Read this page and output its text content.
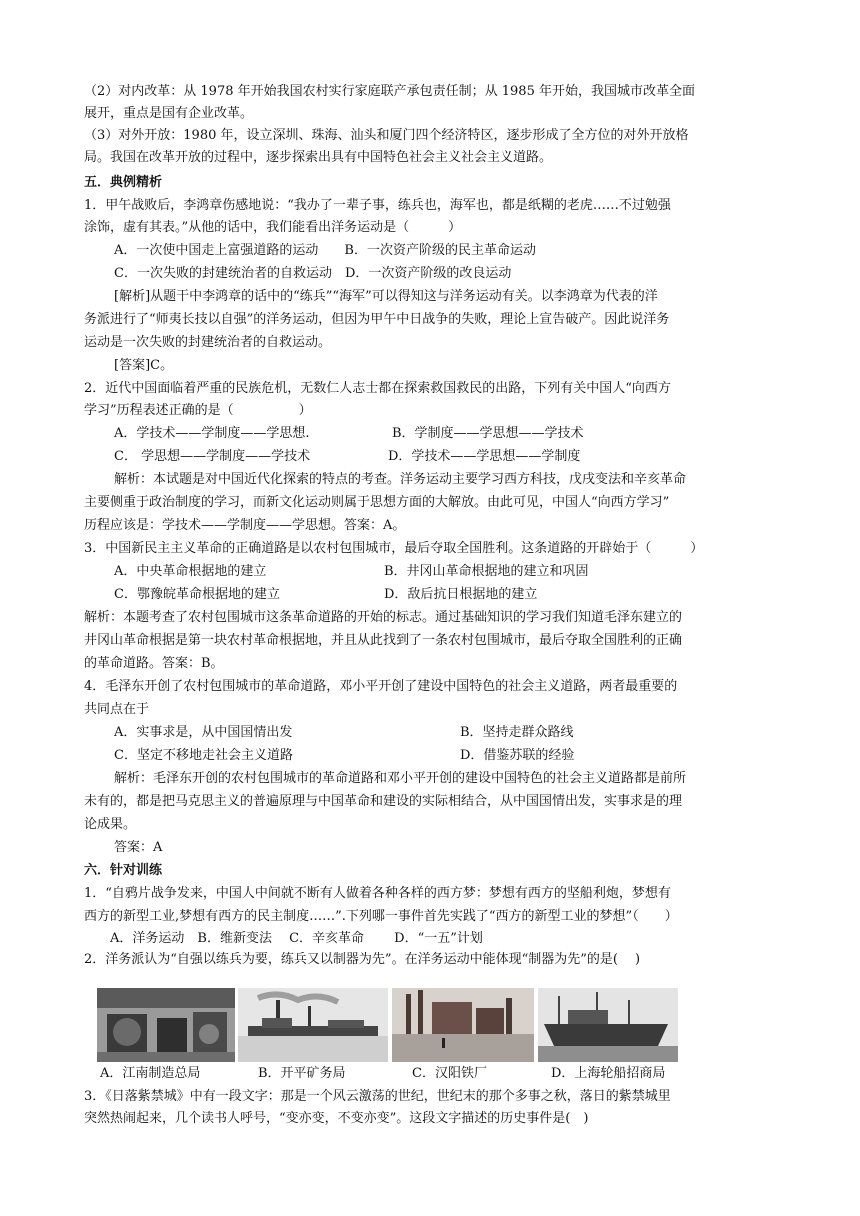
（2）对内改革：从 1978 年开始我国农村实行家庭联产承包责任制；从 1985 年开始，我国城市改革全面
展开，重点是国有企业改革。
（3）对外开放：1980 年，设立深圳、珠海、汕头和厦门四个经济特区，逐步形成了全方位的对外开放格
局。我国在改革开放的过程中，逐步探索出具有中国特色社会主义社会主义道路。
五．典例精析
1．甲午战败后，李鸿章伤感地说：“我办了一辈子事，练兵也，海军也，都是纸糊的老虎……不过勉强
涂饰，虚有其表。”从他的话中，我们能看出洋务运动是（　　　）
A．一次使中国走上富强道路的运动　　B．一次资产阶级的民主革命运动
C．一次失败的封建统治者的自救运动　D．一次资产阶级的改良运动
[解析]从题干中李鸿章的话中的“练兵”“海军”可以得知这与洋务运动有关。以李鸿章为代表的洋
务派进行了“师夷长技以自强”的洋务运动，但因为甲午中日战争的失败，理论上宣告破产。因此说洋务
运动是一次失败的封建统治者的自救运动。
[答案]C。
2．近代中国面临着严重的民族危机，无数仁人志士都在探索救国救民的出路，下列有关中国人“向西方
学习”历程表述正确的是（　　　　　）
A．学技术——学制度——学思想.	B．学制度——学思想——学技术
C． 学思想——学制度——学技术	D．学技术——学思想——学制度
解析：本试题是对中国近代化探索的特点的考查。洋务运动主要学习西方科技，戊戌变法和辛亥革命
主要侧重于政治制度的学习，而新文化运动则属于思想方面的大解放。由此可见，中国人“向西方学习”
历程应该是：学技术——学制度——学思想。答案：A。
3．中国新民主主义革命的正确道路是以农村包围城市，最后夺取全国胜利。这条道路的开辟始于（　　　）
A．中央革命根据地的建立	B．井冈山革命根据地的建立和巩固
C．鄂豫皖革命根据地的建立	D．敌后抗日根据地的建立
解析：本题考查了农村包围城市这条革命道路的开始的标志。通过基础知识的学习我们知道毛泽东建立的
井冈山革命根据是第一块农村革命根据地，并且从此找到了一条农村包围城市，最后夺取全国胜利的正确
的革命道路。答案：B。
4．毛泽东开创了农村包围城市的革命道路，邓小平开创了建设中国特色的社会主义道路，两者最重要的
共同点在于
A．实事求是，从中国国情出发	B．坚持走群众路线
C．坚定不移地走社会主义道路	D．借鉴苏联的经验
解析：毛泽东开创的农村包围城市的革命道路和邓小平开创的建设中国特色的社会主义道路都是前所
未有的，都是把马克思主义的普遍原理与中国革命和建设的实际相结合，从中国国情出发，实事求是的理
论成果。
答案：A
六．针对训练
1．“自鸦片战争发来，中国人中间就不断有人做着各种各样的西方梦：梦想有西方的坚船利炮，梦想有
西方的新型工业,梦想有西方的民主制度……”.下列哪一事件首先实践了“西方的新型工业的梦想”（　　）
A．洋务运动　B．维新变法　 C．辛亥革命　　 D．“一五”计划
2．洋务派认为“自强以练兵为要，练兵又以制器为先”。在洋务运动中能体现“制器为先”的是(　 )
A．江南制造总局	B．开平矿务局	C．汉阳铁厂	D．上海轮船招商局
3．《日落紫禁城》中有一段文字：那是一个风云激荡的世纪，世纪末的那个多事之秋，落日的紫禁城里
突然热闹起来，几个读书人呼号，“变亦变，不变亦变”。这段文字描述的历史事件是(　)
